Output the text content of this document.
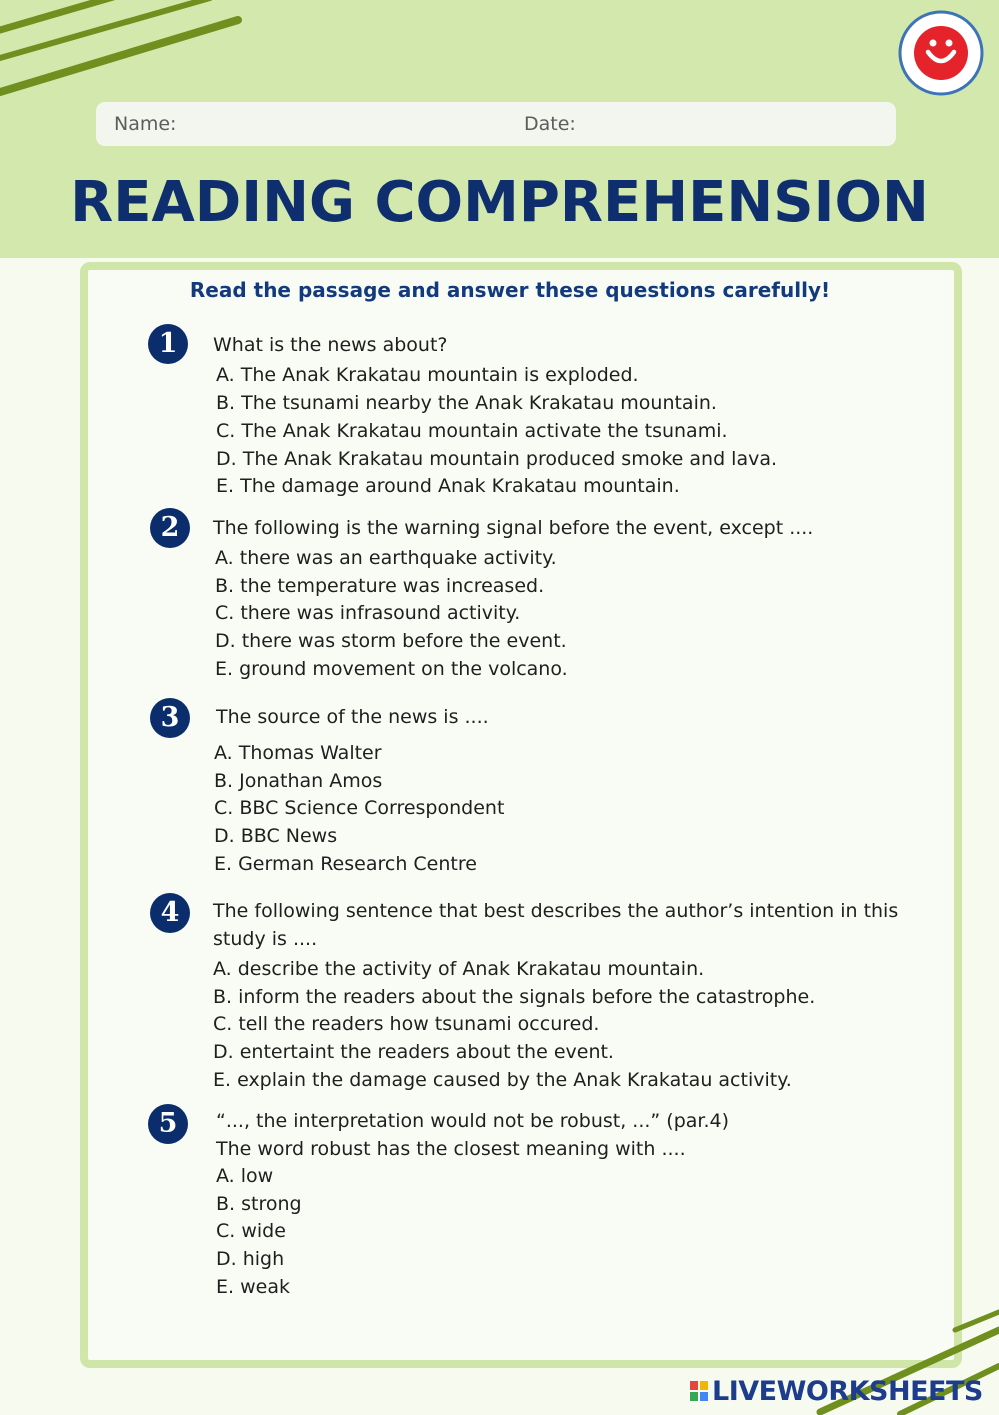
Name:	Date:
READING COMPREHENSION
Read the passage and answer these questions carefully!
1	What is the news about?
A. The Anak Krakatau mountain is exploded.
B. The tsunami nearby the Anak Krakatau mountain.
C. The Anak Krakatau mountain activate the tsunami.
D. The Anak Krakatau mountain produced smoke and lava.
E. The damage around Anak Krakatau mountain.
2	The following is the warning signal before the event, except ....
A. there was an earthquake activity.
B. the temperature was increased.
C. there was infrasound activity.
D. there was storm before the event.
E. ground movement on the volcano.
3	The source of the news is ....
A. Thomas Walter
B. Jonathan Amos
C. BBC Science Correspondent
D. BBC News
E. German Research Centre
4	The following sentence that best describes the author’s intention in this
study is ....
A. describe the activity of Anak Krakatau mountain.
B. inform the readers about the signals before the catastrophe.
C. tell the readers how tsunami occured.
D. entertaint the readers about the event.
E. explain the damage caused by the Anak Krakatau activity.
5	“..., the interpretation would not be robust, ...” (par.4)
The word robust has the closest meaning with ....
A. low
B. strong
C. wide
D. high
E. weak
LIVEWORKSHEETS
